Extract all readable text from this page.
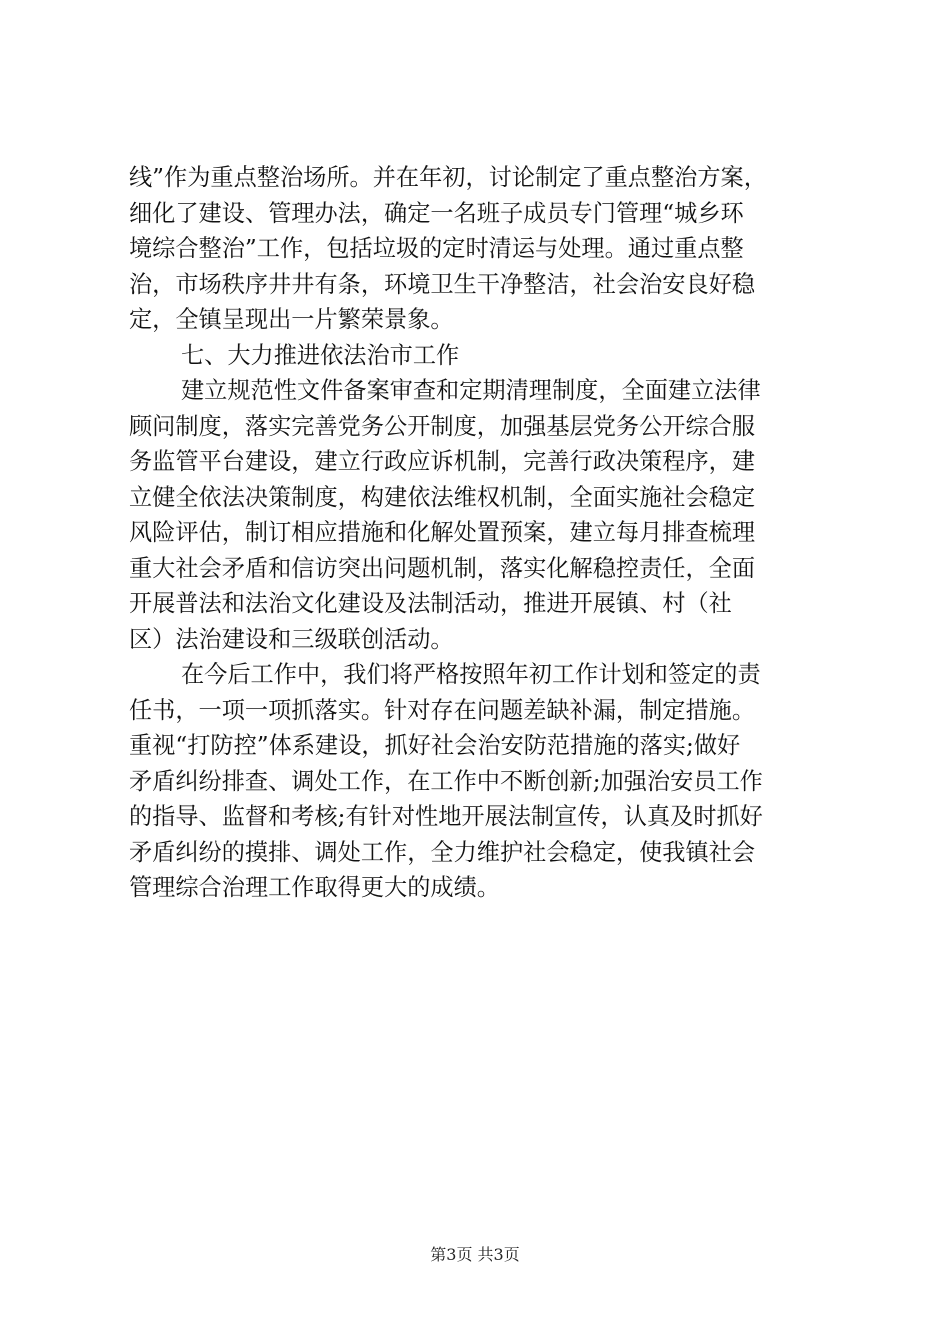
线”作为重点整治场所。并在年初，讨论制定了重点整治方案，
细化了建设、管理办法，确定一名班子成员专门管理“城乡环
境综合整治”工作，包括垃圾的定时清运与处理。通过重点整
治，市场秩序井井有条，环境卫生干净整洁，社会治安良好稳
定，全镇呈现出一片繁荣景象。
七、大力推进依法治市工作
建立规范性文件备案审查和定期清理制度，全面建立法律
顾问制度，落实完善党务公开制度，加强基层党务公开综合服
务监管平台建设，建立行政应诉机制，完善行政决策程序，建
立健全依法决策制度，构建依法维权机制，全面实施社会稳定
风险评估，制订相应措施和化解处置预案，建立每月排查梳理
重大社会矛盾和信访突出问题机制，落实化解稳控责任，全面
开展普法和法治文化建设及法制活动，推进开展镇、村（社
区）法治建设和三级联创活动。
在今后工作中，我们将严格按照年初工作计划和签定的责
任书，一项一项抓落实。针对存在问题差缺补漏，制定措施。
重视“打防控”体系建设，抓好社会治安防范措施的落实;做好
矛盾纠纷排查、调处工作，在工作中不断创新;加强治安员工作
的指导、监督和考核;有针对性地开展法制宣传，认真及时抓好
矛盾纠纷的摸排、调处工作，全力维护社会稳定，使我镇社会
管理综合治理工作取得更大的成绩。
第3页 共3页
